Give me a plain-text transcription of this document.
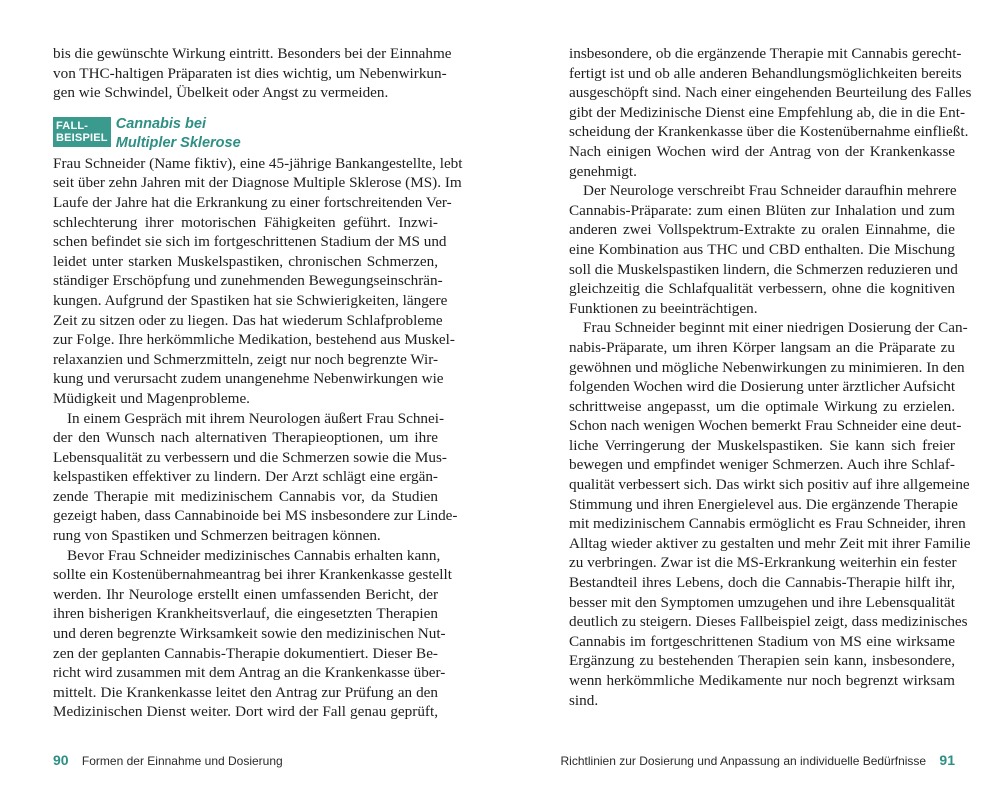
bis die gewünschte Wirkung eintritt. Besonders bei der Einnahme
von THC-haltigen Präparaten ist dies wichtig, um Nebenwirkun-
gen wie Schwindel, Übelkeit oder Angst zu vermeiden.
FALL-
BEISPIEL
Cannabis bei
Multipler Sklerose
Frau Schneider (Name fiktiv), eine 45-jährige Bankangestellte, lebt
seit über zehn Jahren mit der Diagnose Multiple Sklerose (MS). Im
Laufe der Jahre hat die Erkrankung zu einer fortschreitenden Ver-
schlechterung ihrer motorischen Fähigkeiten geführt. Inzwi-
schen befindet sie sich im fortgeschrittenen Stadium der MS und
leidet unter starken Muskelspastiken, chronischen Schmerzen,
ständiger Erschöpfung und zunehmenden Bewegungseinschrän-
kungen. Aufgrund der Spastiken hat sie Schwierigkeiten, längere
Zeit zu sitzen oder zu liegen. Das hat wiederum Schlafprobleme
zur Folge. Ihre herkömmliche Medikation, bestehend aus Muskel-
relaxanzien und Schmerzmitteln, zeigt nur noch begrenzte Wir-
kung und verursacht zudem unangenehme Nebenwirkungen wie
Müdigkeit und Magenprobleme.
In einem Gespräch mit ihrem Neurologen äußert Frau Schnei-
der den Wunsch nach alternativen Therapieoptionen, um ihre
Lebensqualität zu verbessern und die Schmerzen sowie die Mus-
kelspastiken effektiver zu lindern. Der Arzt schlägt eine ergän-
zende Therapie mit medizinischem Cannabis vor, da Studien
gezeigt haben, dass Cannabinoide bei MS insbesondere zur Linde-
rung von Spastiken und Schmerzen beitragen können.
Bevor Frau Schneider medizinisches Cannabis erhalten kann,
sollte ein Kostenübernahmeantrag bei ihrer Krankenkasse gestellt
werden. Ihr Neurologe erstellt einen umfassenden Bericht, der
ihren bisherigen Krankheitsverlauf, die eingesetzten Therapien
und deren begrenzte Wirksamkeit sowie den medizinischen Nut-
zen der geplanten Cannabis-Therapie dokumentiert. Dieser Be-
richt wird zusammen mit dem Antrag an die Krankenkasse über-
mittelt. Die Krankenkasse leitet den Antrag zur Prüfung an den
Medizinischen Dienst weiter. Dort wird der Fall genau geprüft,
insbesondere, ob die ergänzende Therapie mit Cannabis gerecht-
fertigt ist und ob alle anderen Behandlungsmöglichkeiten bereits
ausgeschöpft sind. Nach einer eingehenden Beurteilung des Falles
gibt der Medizinische Dienst eine Empfehlung ab, die in die Ent-
scheidung der Krankenkasse über die Kostenübernahme einfließt.
Nach einigen Wochen wird der Antrag von der Krankenkasse
genehmigt.
Der Neurologe verschreibt Frau Schneider daraufhin mehrere
Cannabis-Präparate: zum einen Blüten zur Inhalation und zum
anderen zwei Vollspektrum-Extrakte zu oralen Einnahme, die
eine Kombination aus THC und CBD enthalten. Die Mischung
soll die Muskelspastiken lindern, die Schmerzen reduzieren und
gleichzeitig die Schlafqualität verbessern, ohne die kognitiven
Funktionen zu beeinträchtigen.
Frau Schneider beginnt mit einer niedrigen Dosierung der Can-
nabis-Präparate, um ihren Körper langsam an die Präparate zu
gewöhnen und mögliche Nebenwirkungen zu minimieren. In den
folgenden Wochen wird die Dosierung unter ärztlicher Aufsicht
schrittweise angepasst, um die optimale Wirkung zu erzielen.
Schon nach wenigen Wochen bemerkt Frau Schneider eine deut-
liche Verringerung der Muskelspastiken. Sie kann sich freier
bewegen und empfindet weniger Schmerzen. Auch ihre Schlaf-
qualität verbessert sich. Das wirkt sich positiv auf ihre allgemeine
Stimmung und ihren Energielevel aus. Die ergänzende Therapie
mit medizinischem Cannabis ermöglicht es Frau Schneider, ihren
Alltag wieder aktiver zu gestalten und mehr Zeit mit ihrer Familie
zu verbringen. Zwar ist die MS-Erkrankung weiterhin ein fester
Bestandteil ihres Lebens, doch die Cannabis-Therapie hilft ihr,
besser mit den Symptomen umzugehen und ihre Lebensqualität
deutlich zu steigern. Dieses Fallbeispiel zeigt, dass medizinisches
Cannabis im fortgeschrittenen Stadium von MS eine wirksame
Ergänzung zu bestehenden Therapien sein kann, insbesondere,
wenn herkömmliche Medikamente nur noch begrenzt wirksam
sind.
90 Formen der Einnahme und Dosierung	Richtlinien zur Dosierung und Anpassung an individuelle Bedürfnisse 91
